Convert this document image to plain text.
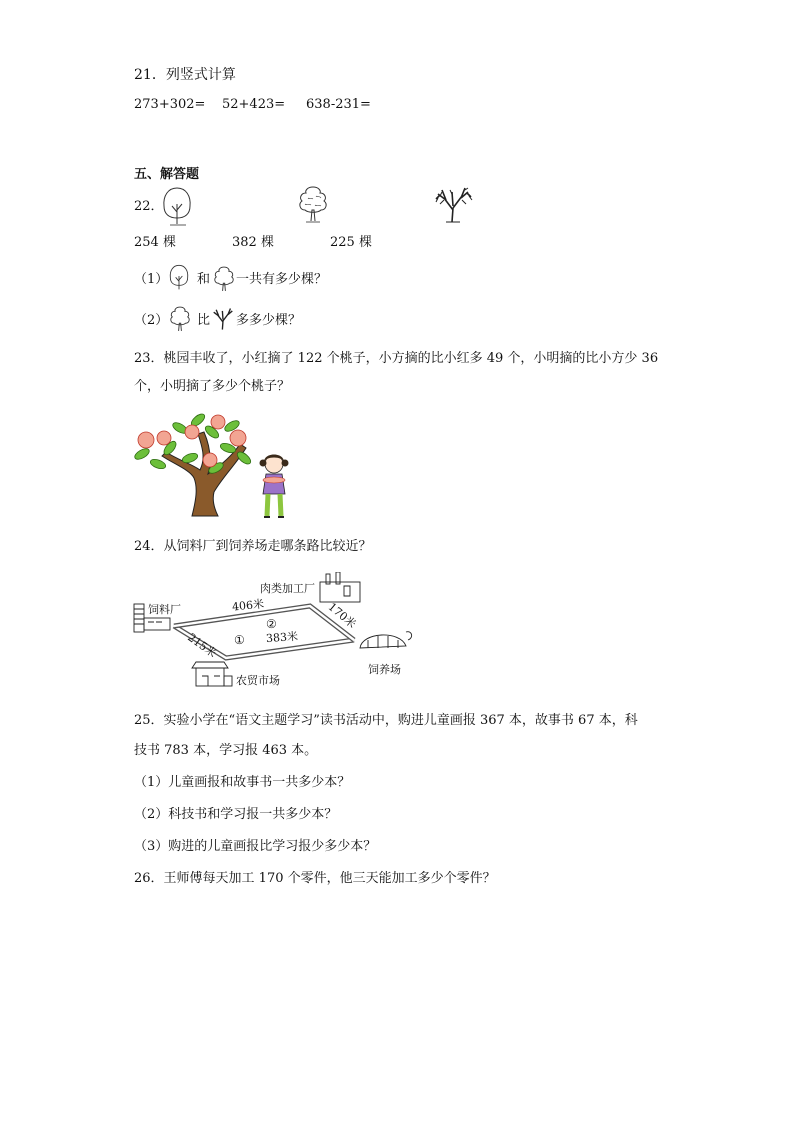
21．列竖式计算
273+302= 52+423= 638-231=
五、解答题
22．
254 棵	382 棵	225 棵
（1） 和 一共有多少棵？
（2） 比 多多少棵？
23．桃园丰收了，小红摘了 122 个桃子，小方摘的比小红多 49 个，小明摘的比小方少 36
个，小明摘了多少个桃子？
24．从饲料厂到饲养场走哪条路比较近？
饲料厂
肉类加工厂
饲养场
农贸市场
406米	170米
215米	383米
①
②
25．实验小学在“语文主题学习”读书活动中，购进儿童画报 367 本，故事书 67 本，科
技书 783 本，学习报 463 本。
（1）儿童画报和故事书一共多少本？
（2）科技书和学习报一共多少本？
（3）购进的儿童画报比学习报少多少本？
26．王师傅每天加工 170 个零件，他三天能加工多少个零件？
